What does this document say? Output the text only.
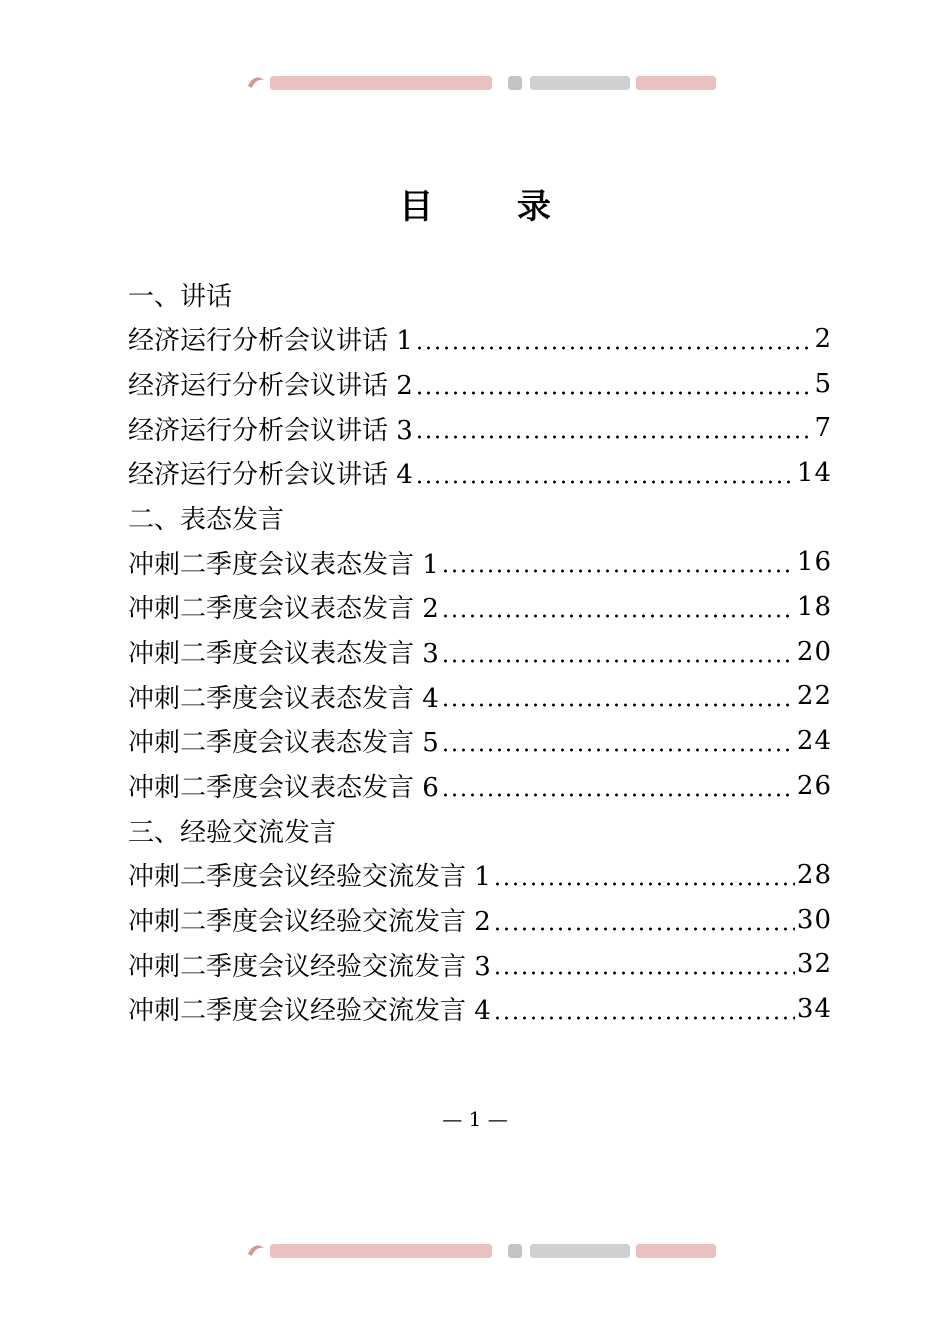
目 录
一、讲话
经济运行分析会议讲话 1	2
经济运行分析会议讲话 2	5
经济运行分析会议讲话 3	7
经济运行分析会议讲话 4	14
二、表态发言
冲刺二季度会议表态发言 1	16
冲刺二季度会议表态发言 2	18
冲刺二季度会议表态发言 3	20
冲刺二季度会议表态发言 4	22
冲刺二季度会议表态发言 5	24
冲刺二季度会议表态发言 6	26
三、经验交流发言
冲刺二季度会议经验交流发言 1	28
冲刺二季度会议经验交流发言 2	30
冲刺二季度会议经验交流发言 3	32
冲刺二季度会议经验交流发言 4	34
— 1 —
